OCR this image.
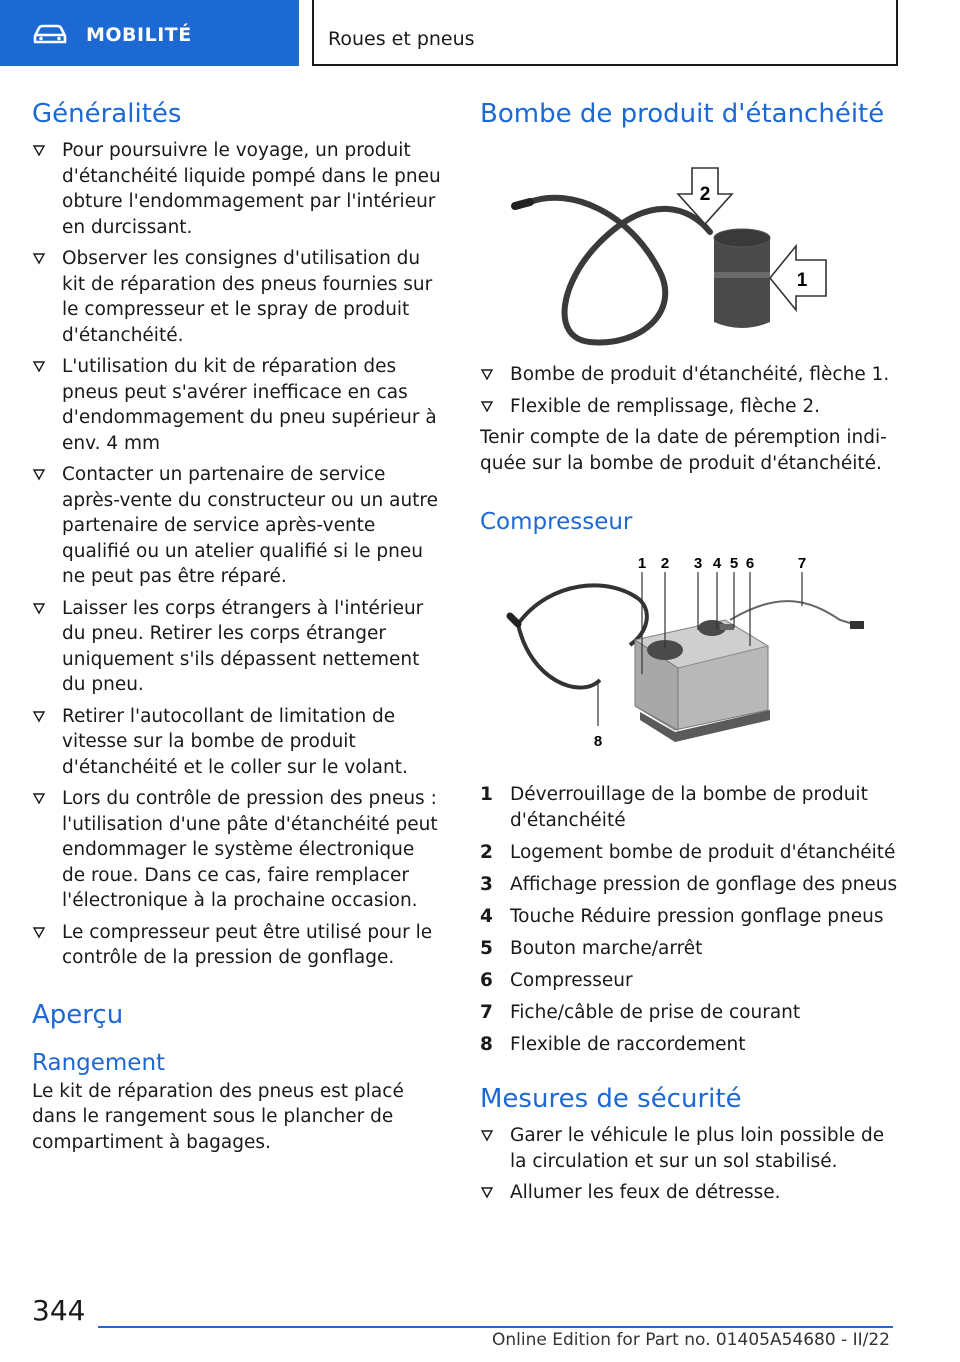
MOBILITÉ	Roues et pneus
Généralités
Pour poursuivre le voyage, un produit d'étanchéité liquide pompé dans le pneu obture l'endommagement par l'intérieur en durcissant.
Observer les consignes d'utilisation du kit de réparation des pneus fournies sur le compresseur et le spray de produit d'étanchéité.
L'utilisation du kit de réparation des pneus peut s'avérer inefficace en cas d'endommagement du pneu supérieur à env. 4 mm
Contacter un partenaire de service après-vente du constructeur ou un autre partenaire de service après-vente qualifié ou un atelier qualifié si le pneu ne peut pas être réparé.
Laisser les corps étrangers à l'intérieur du pneu. Retirer les corps étranger uniquement s'ils dépassent nettement du pneu.
Retirer l'autocollant de limitation de vitesse sur la bombe de produit d'étanchéité et le coller sur le volant.
Lors du contrôle de pression des pneus : l'utilisation d'une pâte d'étanchéité peut endommager le système électronique de roue. Dans ce cas, faire remplacer l'électronique à la prochaine occasion.
Le compresseur peut être utilisé pour le contrôle de la pression de gonflage.
Aperçu
Rangement

Le kit de réparation des pneus est placé dans le rangement sous le plancher de compartiment à bagages.

Bombe de produit d'étanchéité
2
1
Bombe de produit d'étanchéité, flèche 1.
Flexible de remplissage, flèche 2.

Tenir compte de la date de péremption indiquée sur la bombe de produit d'étanchéité.

Compresseur
1 2 3 4 5 6	7
8
1 Déverrouillage de la bombe de produit d'étanchéité
2 Logement bombe de produit d'étanchéité
3 Affichage pression de gonflage des pneus
4 Touche Réduire pression gonflage pneus
5 Bouton marche/arrêt
6 Compresseur
7 Fiche/câble de prise de courant
8 Flexible de raccordement
Mesures de sécurité
Garer le véhicule le plus loin possible de la circulation et sur un sol stabilisé.
Allumer les feux de détresse.
344
Online Edition for Part no. 01405A54680 - II/22
